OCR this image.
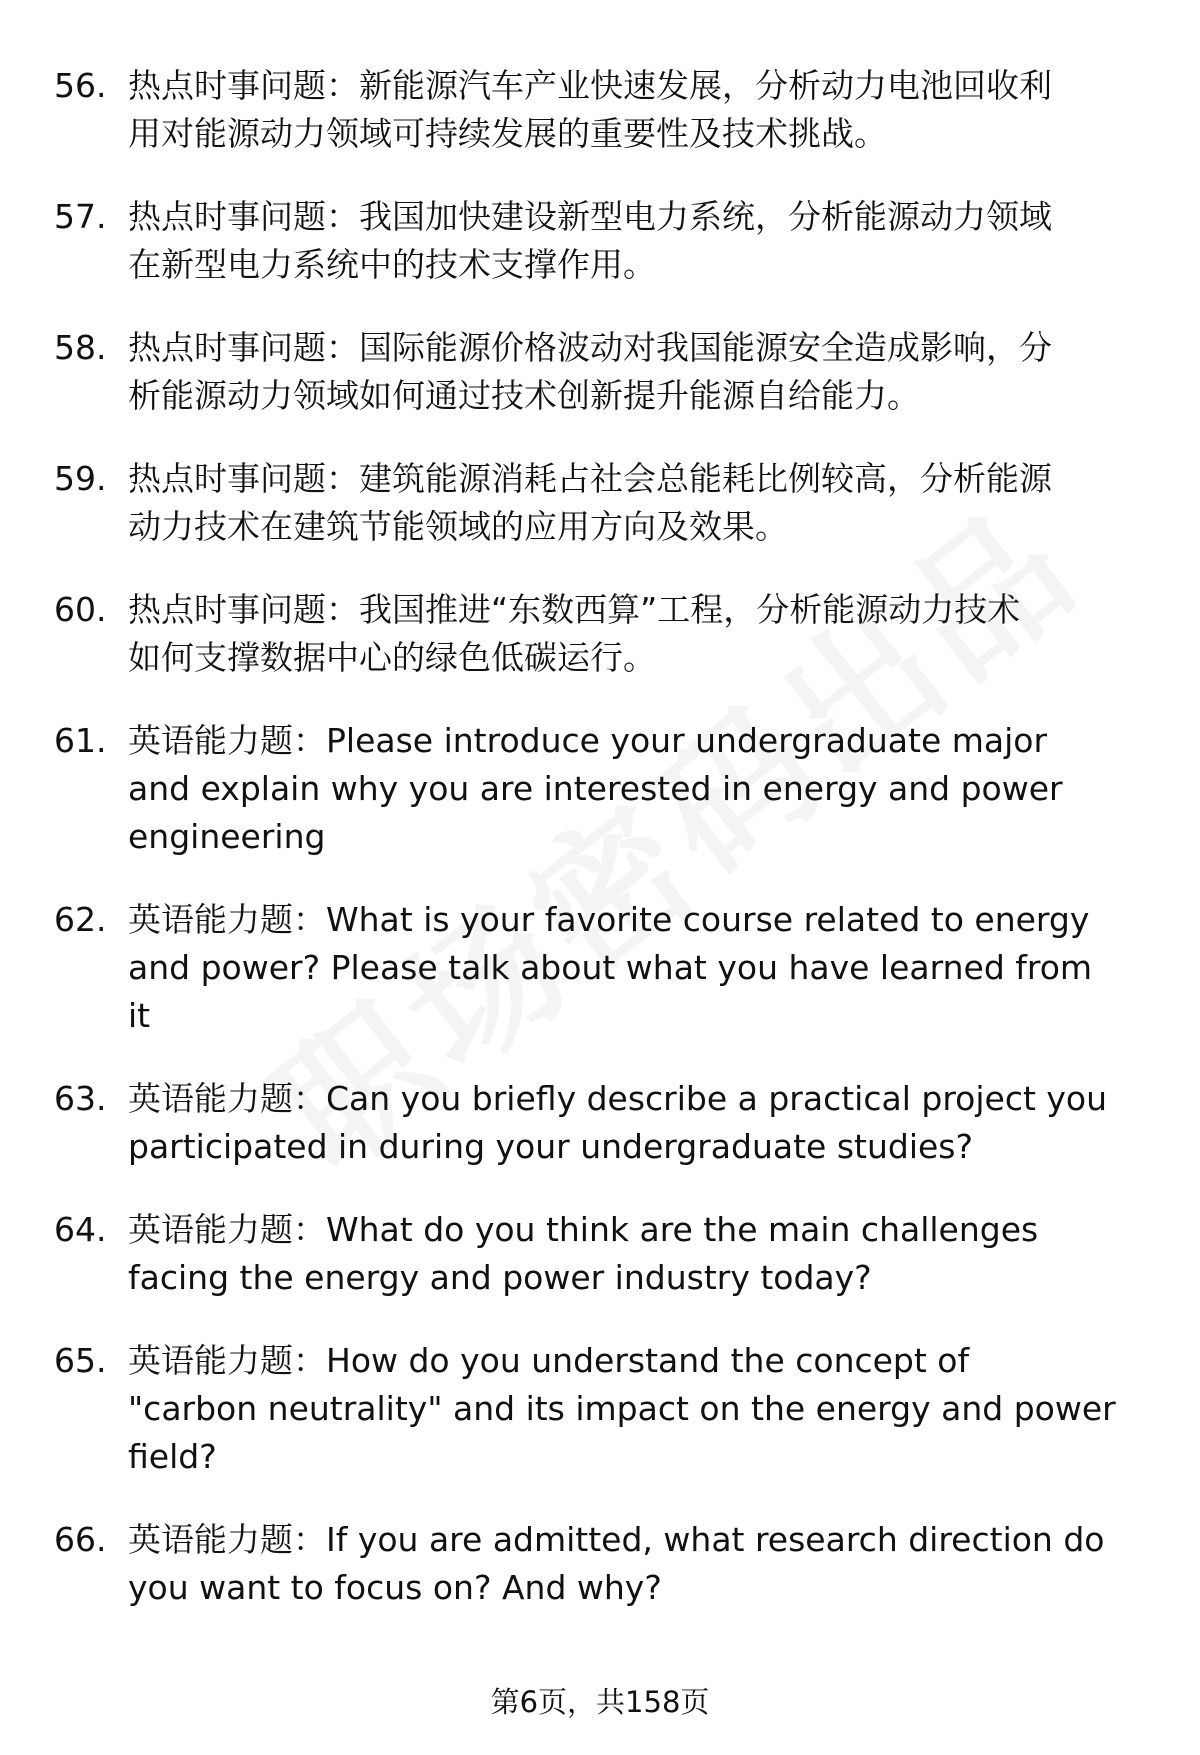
56. 热点时事问题：新能源汽车产业快速发展，分析动力电池回收利
用对能源动力领域可持续发展的重要性及技术挑战。
57. 热点时事问题：我国加快建设新型电力系统，分析能源动力领域
在新型电力系统中的技术支撑作用。
58. 热点时事问题：国际能源价格波动对我国能源安全造成影响，分
析能源动力领域如何通过技术创新提升能源自给能力。
59. 热点时事问题：建筑能源消耗占社会总能耗比例较高，分析能源
动力技术在建筑节能领域的应用方向及效果。
60. 热点时事问题：我国推进“东数西算”工程，分析能源动力技术
如何支撑数据中心的绿色低碳运行。
61. 英语能力题：Please introduce your undergraduate major
and explain why you are interested in energy and power
engineering
62. 英语能力题：What is your favorite course related to energy
and power? Please talk about what you have learned from
it
63. 英语能力题：Can you briefly describe a practical project you
participated in during your undergraduate studies?
64. 英语能力题：What do you think are the main challenges
facing the energy and power industry today?
65. 英语能力题：How do you understand the concept of
"carbon neutrality" and its impact on the energy and power
field?
66. 英语能力题：If you are admitted, what research direction do
you want to focus on? And why?
第6页，共158页
